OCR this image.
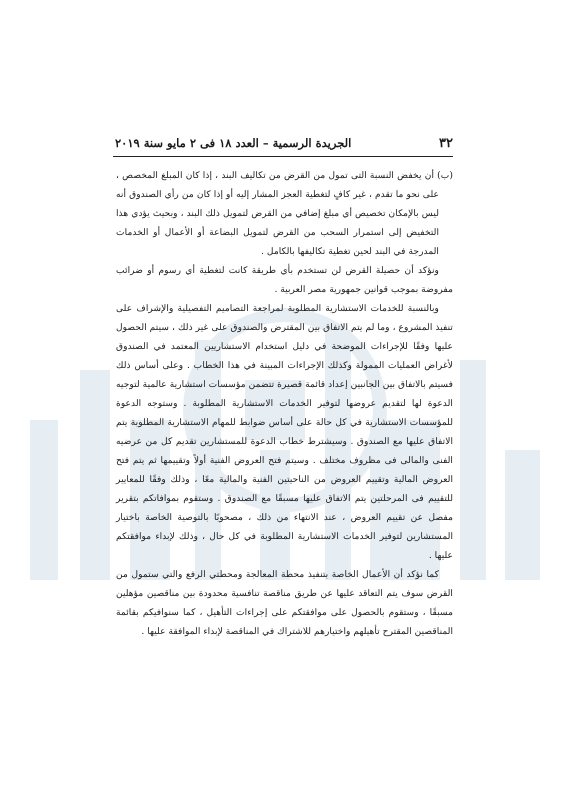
٣٢
الجريدة الرسمية – العدد ١٨ فى ٢ مايو سنة ٢٠١٩

(ب) أن يخفض النسبة التى تمول من القرض من تكاليف البند ، إذا كان المبلغ المخصص ، على نحو ما تقدم ، غير كافٍ لتغطية العجز المشار إليه أو إذا كان من رأي الصندوق أنه ليس بالإمكان تخصيص أي مبلغ إضافي من القرض لتمويل ذلك البند ، وبحيث يؤدي هذا التخفيض إلى استمرار السحب من القرض لتمويل البضاعة أو الأعمال أو الخدمات المدرجة في البند لحين تغطية تكاليفها بالكامل .

ونؤكد أن حصيلة القرض لن تستخدم بأي طريقة كانت لتغطية أي رسوم أو ضرائب مفروضة بموجب قوانين جمهورية مصر العربية .

وبالنسبة للخدمات الاستشارية المطلوبة لمراجعة التصاميم التفصيلية والإشراف على تنفيذ المشروع ، وما لم يتم الاتفاق بين المقترض والصندوق على غير ذلك ، سيتم الحصول عليها وفقًا للإجراءات الموضحة في دليل استخدام الاستشاريين المعتمد في الصندوق لأغراض العمليات الممولة وكذلك الإجراءات المبينة في هذا الخطاب . وعلى أساس ذلك فسيتم بالاتفاق بين الجانبين إعداد قائمة قصيرة تتضمن مؤسسات استشارية عالمية لتوجيه الدعوة لها لتقديم عروضها لتوفير الخدمات الاستشارية المطلوبة . وستوجه الدعوة للمؤسسات الاستشارية في كل حالة على أساس ضوابط للمهام الاستشارية المطلوبة يتم الاتفاق عليها مع الصندوق . وسيشترط خطاب الدعوة للمستشارين تقديم كل من عرضيه الفنى والمالى فى مظروف مختلف . وسيتم فتح العروض الفنية أولاً وتقييمها ثم يتم فتح العروض المالية وتقييم العروض من الناحيتين الفنية والمالية معًا ، وذلك وفقًا للمعايير للتقييم فى المرحلتين يتم الاتفاق عليها مسبقًا مع الصندوق . وستقوم بموافاتكم بتقرير مفصل عن تقييم العروض ، عند الانتهاء من ذلك ، مصحوبًا بالتوصية الخاصة باختيار المستشارين لتوفير الخدمات الاستشارية المطلوبة في كل حال ، وذلك لإبداء موافقتكم عليها .

كما نؤكد أن الأعمال الخاصة بتنفيذ محطة المعالجة ومحطتي الرفع والتي ستمول من القرض سوف يتم التعاقد عليها عن طريق مناقصة تنافسية محدودة بين مناقصين مؤهلين مسبقًا ، وستقوم بالحصول على موافقتكم على إجراءات التأهيل ، كما سنوافيكم بقائمة المناقصين المقترح تأهيلهم واختيارهم للاشتراك في المناقصة لإبداء الموافقة عليها .
